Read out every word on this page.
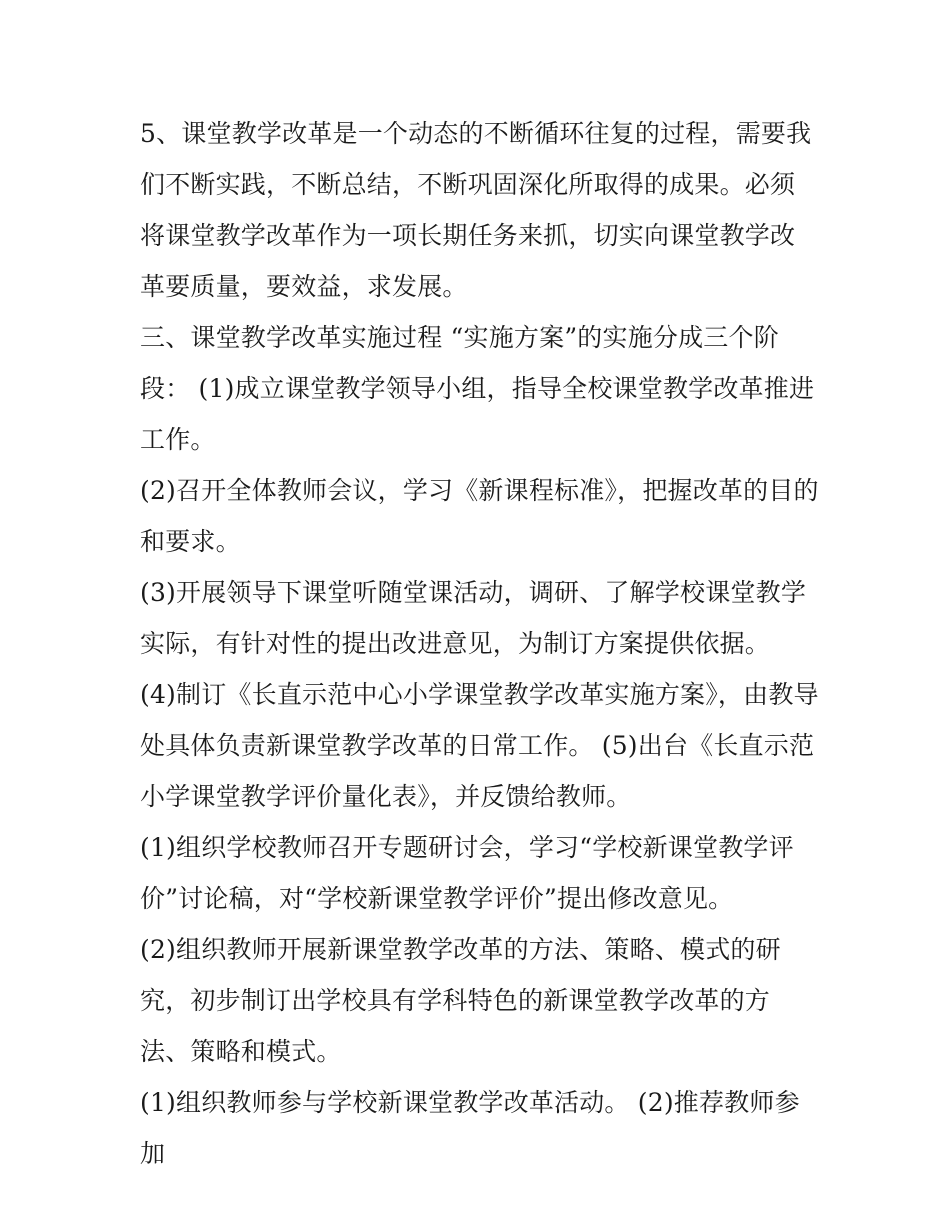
5、课堂教学改革是一个动态的不断循环往复的过程，需要我们不断实践，不断总结，不断巩固深化所取得的成果。必须将课堂教学改革作为一项长期任务来抓，切实向课堂教学改革要质量，要效益，求发展。

三、课堂教学改革实施过程 “实施方案”的实施分成三个阶段： (1)成立课堂教学领导小组，指导全校课堂教学改革推进工作。

(2)召开全体教师会议，学习《新课程标准》，把握改革的目的和要求。

(3)开展领导下课堂听随堂课活动，调研、了解学校课堂教学实际，有针对性的提出改进意见，为制订方案提供依据。

(4)制订《长直示范中心小学课堂教学改革实施方案》，由教导处具体负责新课堂教学改革的日常工作。 (5)出台《长直示范小学课堂教学评价量化表》，并反馈给教师。

(1)组织学校教师召开专题研讨会，学习“学校新课堂教学评价”讨论稿，对“学校新课堂教学评价”提出修改意见。

(2)组织教师开展新课堂教学改革的方法、策略、模式的研究，初步制订出学校具有学科特色的新课堂教学改革的方法、策略和模式。

(1)组织教师参与学校新课堂教学改革活动。 (2)推荐教师参加
